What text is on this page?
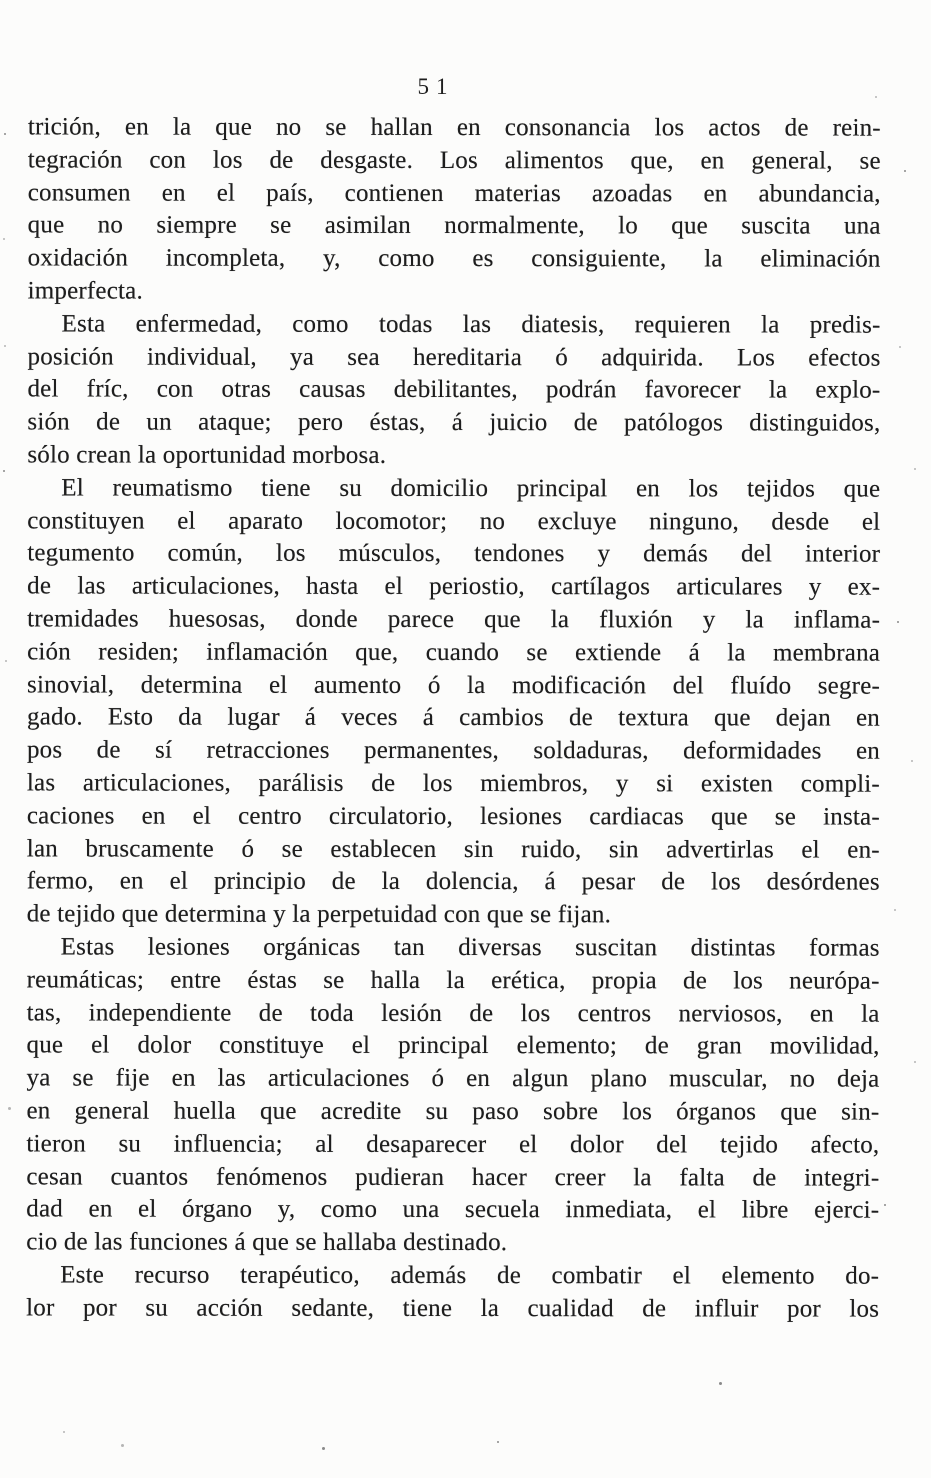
51
trición, en la que no se hallan en consonancia los actos de rein-
tegración con los de desgaste. Los alimentos que, en general, se
consumen en el país, contienen materias azoadas en abundancia,
que no siempre se asimilan normalmente, lo que suscita una
oxidación incompleta, y, como es consiguiente, la eliminación
imperfecta.
Esta enfermedad, como todas las diatesis, requieren la predis-
posición individual, ya sea hereditaria ó adquirida. Los efectos
del fríc, con otras causas debilitantes, podrán favorecer la explo-
sión de un ataque; pero éstas, á juicio de patólogos distinguidos,
sólo crean la oportunidad morbosa.
El reumatismo tiene su domicilio principal en los tejidos que
constituyen el aparato locomotor; no excluye ninguno, desde el
tegumento común, los músculos, tendones y demás del interior
de las articulaciones, hasta el periostio, cartílagos articulares y ex-
tremidades huesosas, donde parece que la fluxión y la inflama-
ción residen; inflamación que, cuando se extiende á la membrana
sinovial, determina el aumento ó la modificación del fluído segre-
gado. Esto da lugar á veces á cambios de textura que dejan en
pos de sí retracciones permanentes, soldaduras, deformidades en
las articulaciones, parálisis de los miembros, y si existen compli-
caciones en el centro circulatorio, lesiones cardiacas que se insta-
lan bruscamente ó se establecen sin ruido, sin advertirlas el en-
fermo, en el principio de la dolencia, á pesar de los desórdenes
de tejido que determina y la perpetuidad con que se fijan.
Estas lesiones orgánicas tan diversas suscitan distintas formas
reumáticas; entre éstas se halla la erética, propia de los neurópa-
tas, independiente de toda lesión de los centros nerviosos, en la
que el dolor constituye el principal elemento; de gran movilidad,
ya se fije en las articulaciones ó en algun plano muscular, no deja
en general huella que acredite su paso sobre los órganos que sin-
tieron su influencia; al desaparecer el dolor del tejido afecto,
cesan cuantos fenómenos pudieran hacer creer la falta de integri-
dad en el órgano y, como una secuela inmediata, el libre ejerci-
cio de las funciones á que se hallaba destinado.
Este recurso terapéutico, además de combatir el elemento do-
lor por su acción sedante, tiene la cualidad de influir por los
